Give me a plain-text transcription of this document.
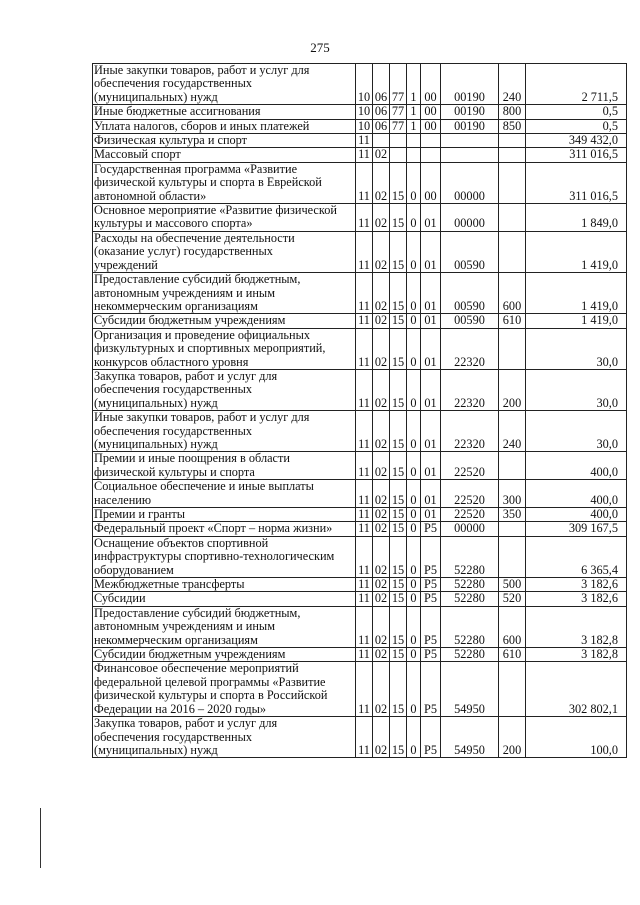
275
Иные закупки товаров, работ и услуг для
обеспечения государственных
(муниципальных) нужд	10	06	77	1	00	00190	240	2 711,5

Иные бюджетные ассигнования	10	06	77	1	00	00190	800	0,5

Уплата налогов, сборов и иных платежей	10	06	77	1	00	00190	850	0,5

Физическая культура и спорт	11							349 432,0

Массовый спорт	11	02						311 016,5

Государственная программа «Развитие
физической культуры и спорта в Еврейской
автономной области»	11	02	15	0	00	00000		311 016,5

Основное мероприятие «Развитие физической
культуры и массового спорта»	11	02	15	0	01	00000		1 849,0

Расходы на обеспечение деятельности
(оказание услуг) государственных
учреждений	11	02	15	0	01	00590		1 419,0

Предоставление субсидий бюджетным,
автономным учреждениям и иным
некоммерческим организациям	11	02	15	0	01	00590	600	1 419,0

Субсидии бюджетным учреждениям	11	02	15	0	01	00590	610	1 419,0

Организация и проведение официальных
физкультурных и спортивных мероприятий,
конкурсов областного уровня	11	02	15	0	01	22320		30,0

Закупка товаров, работ и услуг для
обеспечения государственных
(муниципальных) нужд	11	02	15	0	01	22320	200	30,0

Иные закупки товаров, работ и услуг для
обеспечения государственных
(муниципальных) нужд	11	02	15	0	01	22320	240	30,0

Премии и иные поощрения в области
физической культуры и спорта	11	02	15	0	01	22520		400,0

Социальное обеспечение и иные выплаты
населению	11	02	15	0	01	22520	300	400,0

Премии и гранты	11	02	15	0	01	22520	350	400,0

Федеральный проект «Спорт – норма жизни»	11	02	15	0	P5	00000		309 167,5

Оснащение объектов спортивной
инфраструктуры спортивно-технологическим
оборудованием	11	02	15	0	P5	52280		6 365,4

Межбюджетные трансферты	11	02	15	0	P5	52280	500	3 182,6

Субсидии	11	02	15	0	P5	52280	520	3 182,6

Предоставление субсидий бюджетным,
автономным учреждениям и иным
некоммерческим организациям	11	02	15	0	P5	52280	600	3 182,8

Субсидии бюджетным учреждениям	11	02	15	0	P5	52280	610	3 182,8

Финансовое обеспечение мероприятий
федеральной целевой программы «Развитие
физической культуры и спорта в Российской
Федерации на 2016 – 2020 годы»	11	02	15	0	P5	54950		302 802,1

Закупка товаров, работ и услуг для
обеспечения государственных
(муниципальных) нужд	11	02	15	0	P5	54950	200	100,0
